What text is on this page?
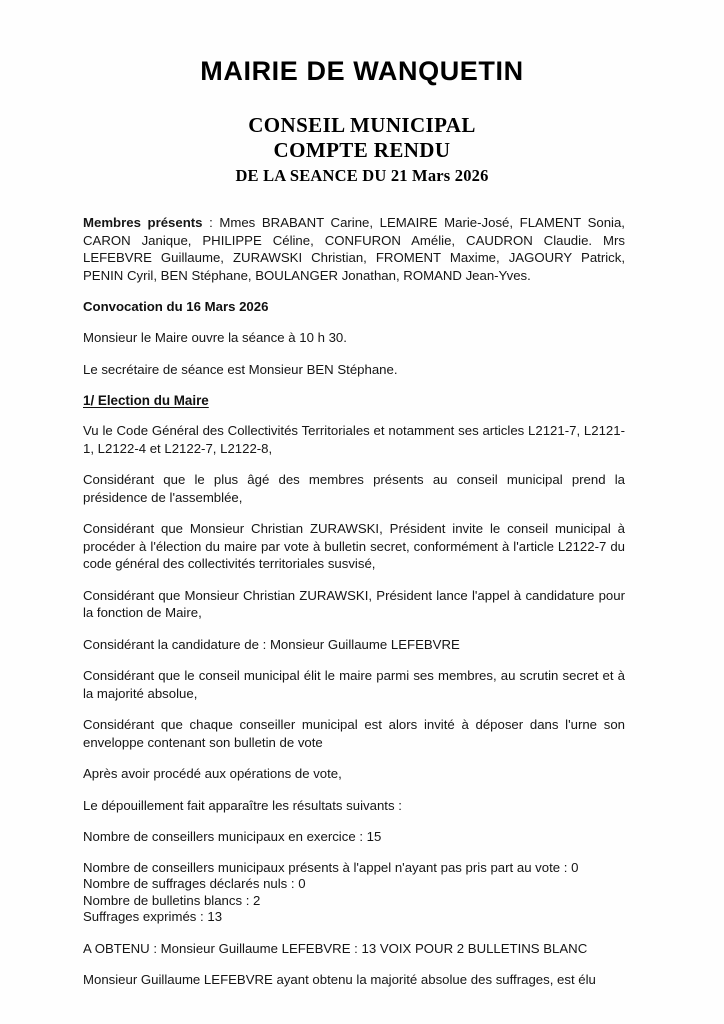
MAIRIE DE WANQUETIN
CONSEIL MUNICIPAL
COMPTE RENDU
DE LA SEANCE DU 21 Mars 2026

Membres présents : Mmes BRABANT Carine, LEMAIRE Marie-José, FLAMENT Sonia, CARON Janique, PHILIPPE Céline, CONFURON Amélie, CAUDRON Claudie. Mrs LEFEBVRE Guillaume, ZURAWSKI Christian, FROMENT Maxime, JAGOURY Patrick, PENIN Cyril, BEN Stéphane, BOULANGER Jonathan, ROMAND Jean-Yves.

Convocation du 16 Mars 2026

Monsieur le Maire ouvre la séance à 10 h 30.

Le secrétaire de séance est Monsieur BEN Stéphane.

1/ Election du Maire

Vu le Code Général des Collectivités Territoriales et notamment ses articles L2121-7, L2121-1, L2122-4 et L2122-7, L2122-8,

Considérant que le plus âgé des membres présents au conseil municipal prend la présidence de l'assemblée,

Considérant que Monsieur Christian ZURAWSKI, Président invite le conseil municipal à procéder à l'élection du maire par vote à bulletin secret, conformément à l'article L2122-7 du code général des collectivités territoriales susvisé,

Considérant que Monsieur Christian ZURAWSKI, Président lance l'appel à candidature pour la fonction de Maire,

Considérant la candidature de : Monsieur Guillaume LEFEBVRE

Considérant que le conseil municipal élit le maire parmi ses membres, au scrutin secret et à la majorité absolue,

Considérant que chaque conseiller municipal est alors invité à déposer dans l'urne son enveloppe contenant son bulletin de vote

Après avoir procédé aux opérations de vote,

Le dépouillement fait apparaître les résultats suivants :

Nombre de conseillers municipaux en exercice : 15

Nombre de conseillers municipaux présents à l'appel n'ayant pas pris part au vote : 0
Nombre de suffrages déclarés nuls : 0
Nombre de bulletins blancs : 2
Suffrages exprimés : 13

A OBTENU : Monsieur Guillaume LEFEBVRE : 13 VOIX POUR 2 BULLETINS BLANC

Monsieur Guillaume LEFEBVRE ayant obtenu la majorité absolue des suffrages, est élu
